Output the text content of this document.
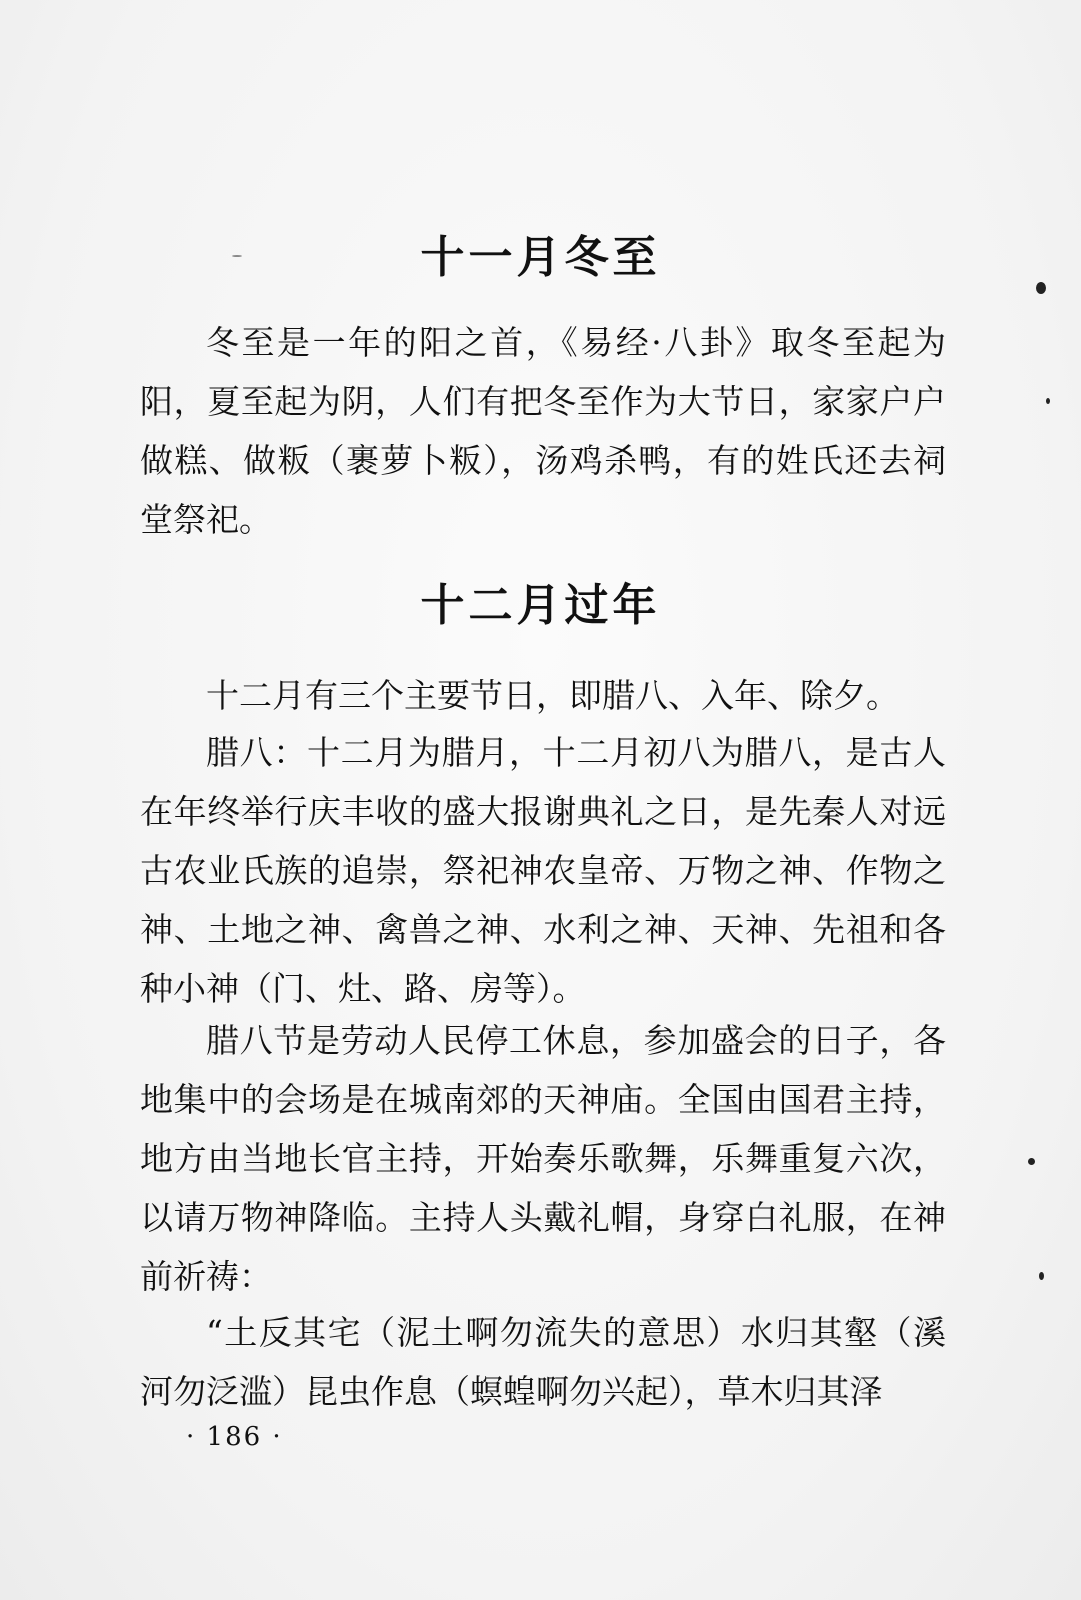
十一月冬至

冬至是一年的阳之首，《易经·八卦》取冬至起为阳，夏至起为阴，人们有把冬至作为大节日，家家户户做糕、做粄（裹萝卜粄），汤鸡杀鸭，有的姓氏还去祠堂祭祀。

十二月过年

十二月有三个主要节日，即腊八、入年、除夕。

腊八：十二月为腊月，十二月初八为腊八，是古人在年终举行庆丰收的盛大报谢典礼之日，是先秦人对远古农业氏族的追崇，祭祀神农皇帝、万物之神、作物之神、土地之神、禽兽之神、水利之神、天神、先祖和各种小神（门、灶、路、房等）。

腊八节是劳动人民停工休息，参加盛会的日子，各地集中的会场是在城南郊的天神庙。全国由国君主持，地方由当地长官主持，开始奏乐歌舞，乐舞重复六次，以请万物神降临。主持人头戴礼帽，身穿白礼服，在神前祈祷：

“土反其宅（泥土啊勿流失的意思）水归其壑（溪河勿泛滥）昆虫作息（螟蝗啊勿兴起），草木归其泽

· 186 ·
